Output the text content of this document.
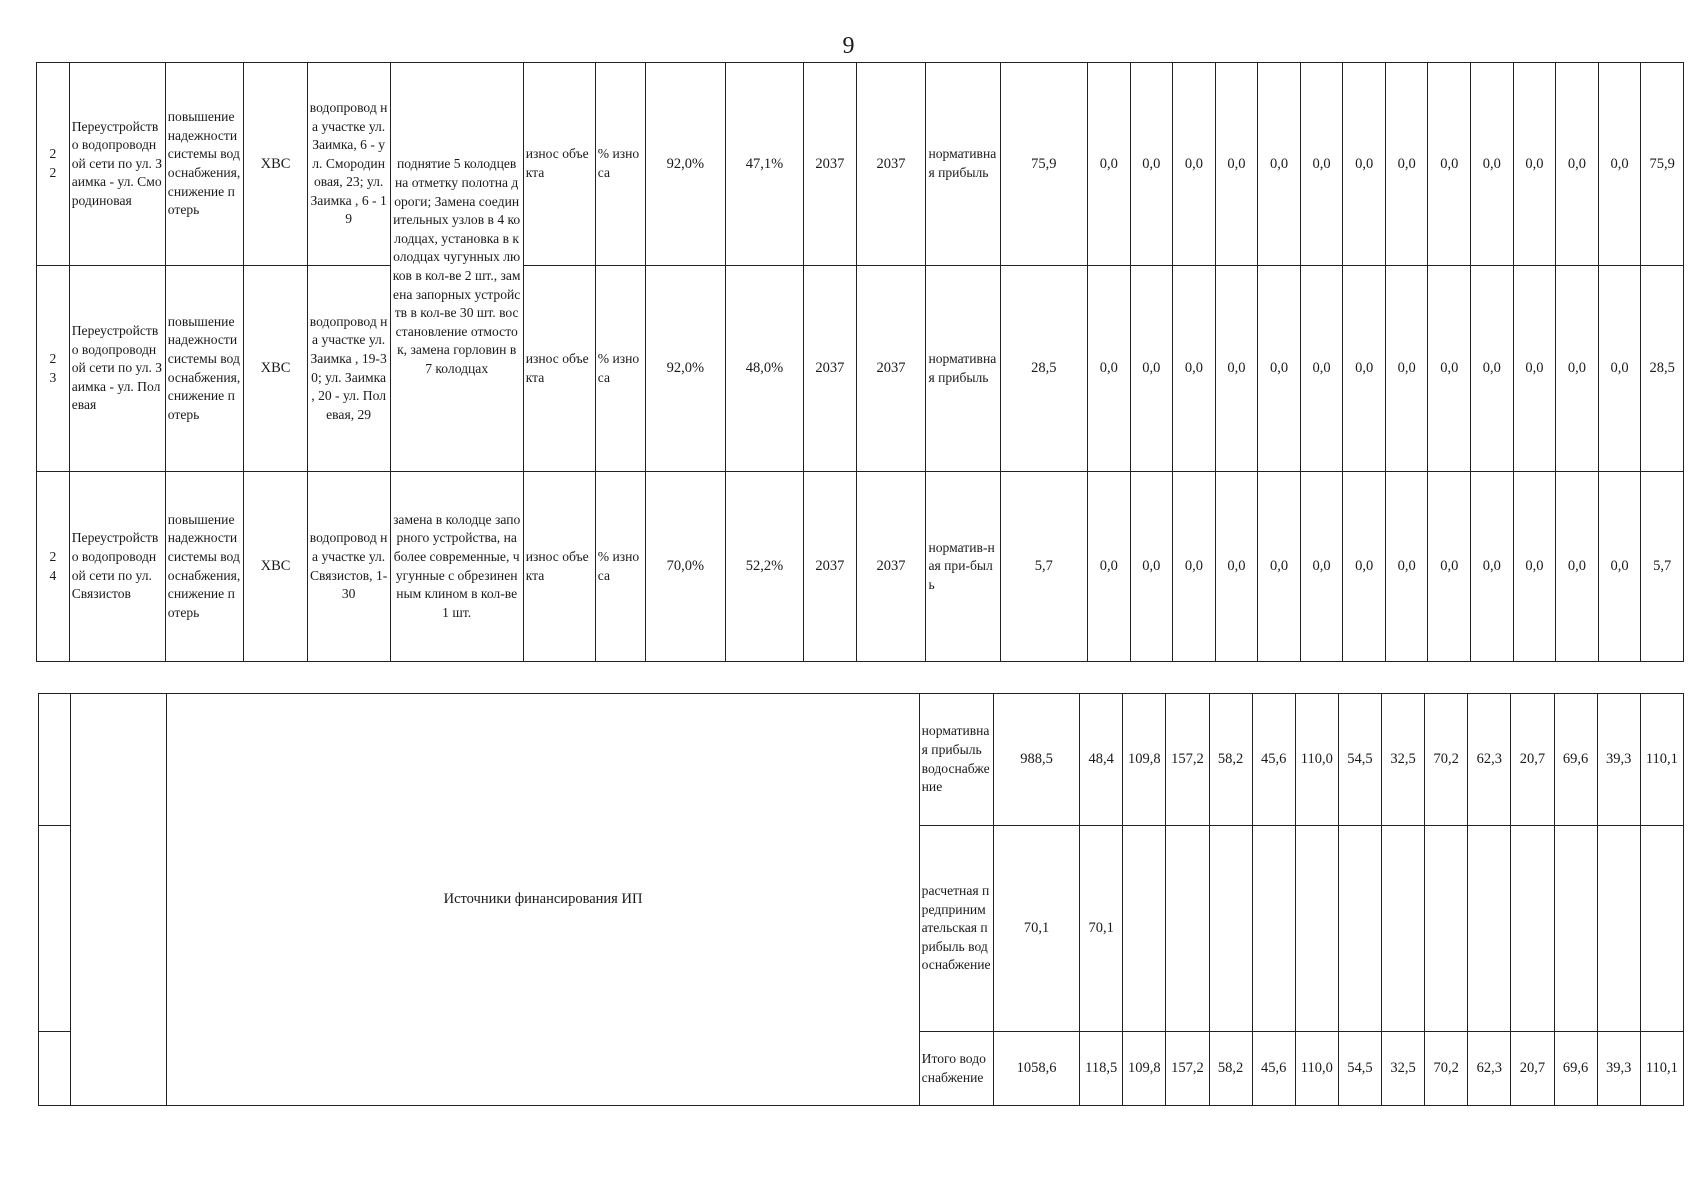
9
2
2	Переустройство водопроводной сети по ул. Заимка - ул. Смородиновая	повышение надежности системы водоснабжения, снижение потерь	ХВС	водопровод на участке ул. Заимка, 6 - ул. Смородиновая, 23; ул. Заимка , 6 - 19	поднятие 5 колодцев на отметку полотна дороги; Замена соединительных узлов в 4 колодцах, установка в колодцах чугунных люков в кол-ве 2 шт., замена запорных устройств в кол-ве 30 шт. восстановление отмосток, замена горловин в 7 колодцах	износ объекта	% износа	92,0%	47,1%	2037	2037	нормативная прибыль	75,9	0,0	0,0	0,0	0,0	0,0	0,0	0,0	0,0	0,0	0,0	0,0	0,0	0,0	75,9
2
3	Переустройство водопроводной сети по ул. Заимка - ул. Полевая	повышение надежности системы водоснабжения, снижение потерь	ХВС	водопровод на участке ул. Заимка , 19-30; ул. Заимка , 20 - ул. Полевая, 29		износ объекта	% износа	92,0%	48,0%	2037	2037	нормативная прибыль	28,5	0,0	0,0	0,0	0,0	0,0	0,0	0,0	0,0	0,0	0,0	0,0	0,0	0,0	28,5
2
4	Переустройство водопроводной сети по ул. Связистов	повышение надежности системы водоснабжения, снижение потерь	ХВС	водопровод на участке ул. Связистов, 1-30	замена в колодце запорного устройства, на более современные, чугунные с обрезиненным клином в кол-ве 1 шт.	износ объекта	% износа	70,0%	52,2%	2037	2037	норматив-ная при-быль	5,7	0,0	0,0	0,0	0,0	0,0	0,0	0,0	0,0	0,0	0,0	0,0	0,0	0,0	5,7
		Источники финансирования ИП	нормативная прибыль водоснабжение	988,5	48,4	109,8	157,2	58,2	45,6	110,0	54,5	32,5	70,2	62,3	20,7	69,6	39,3	110,1
			расчетная предпринимательская прибыль водоснабжение	70,1	70,1													
			Итого водоснабжение	1058,6	118,5	109,8	157,2	58,2	45,6	110,0	54,5	32,5	70,2	62,3	20,7	69,6	39,3	110,1
